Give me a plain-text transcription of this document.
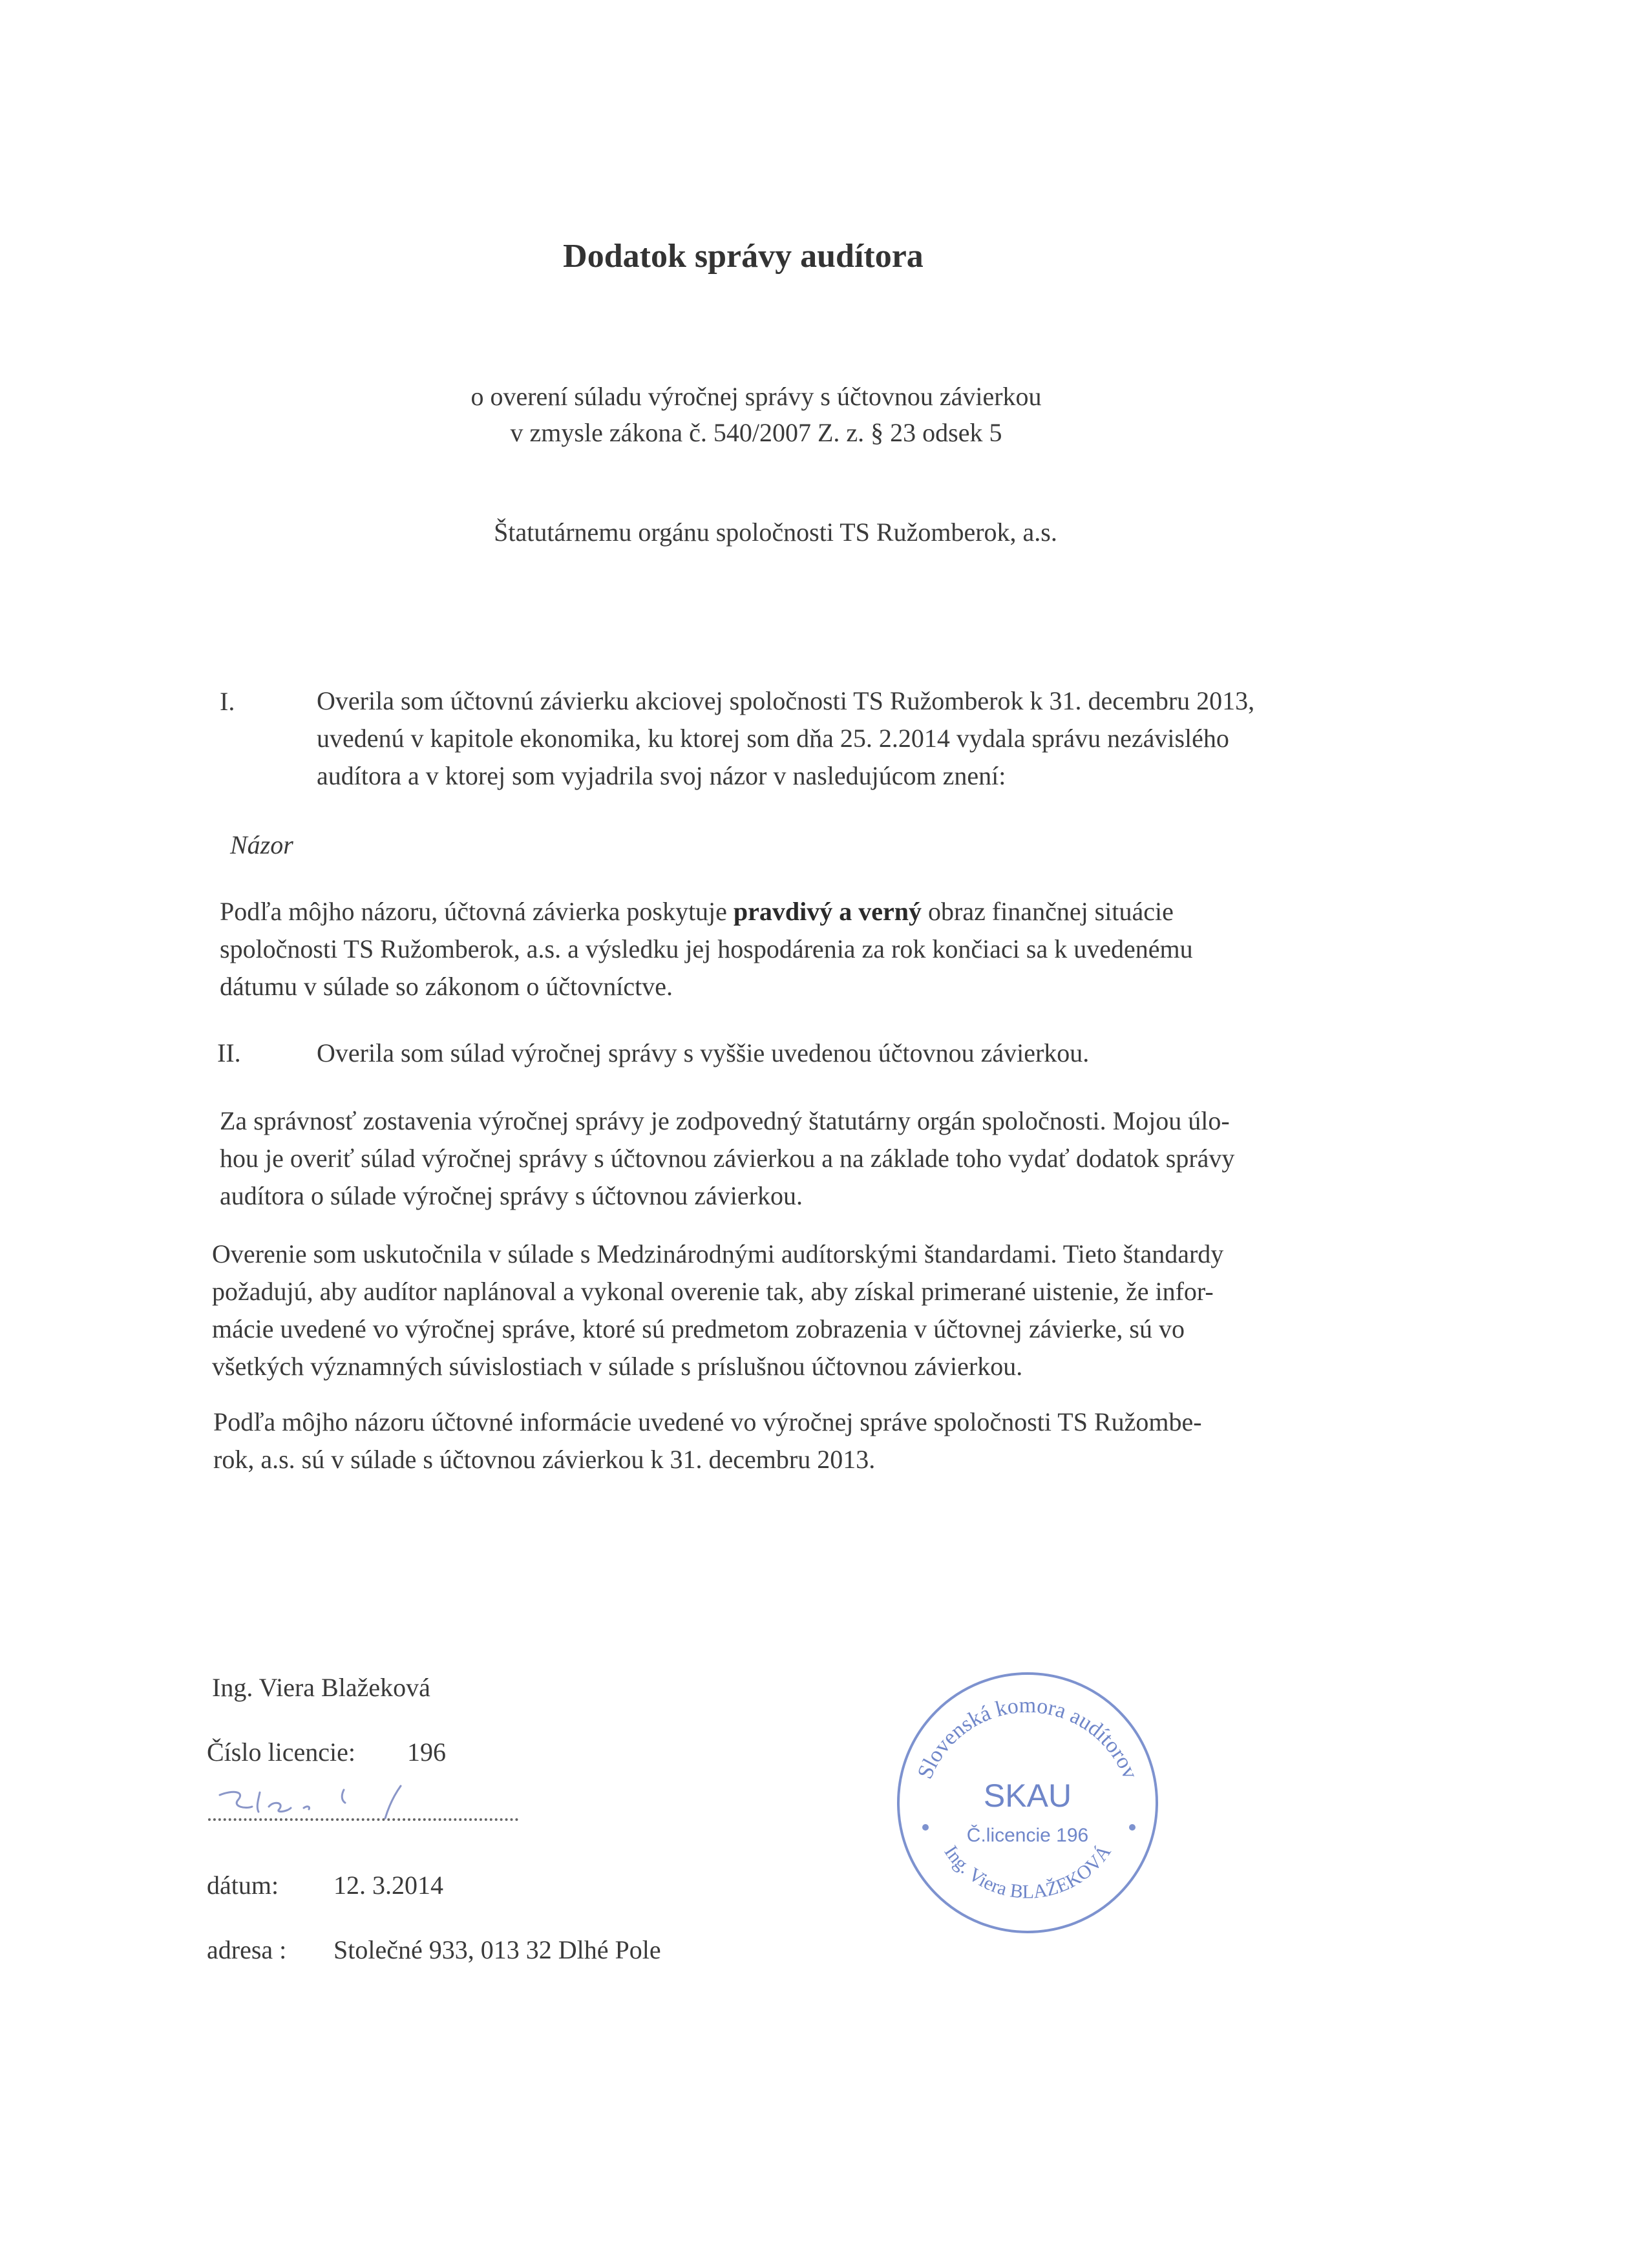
Dodatok správy audítora
o overení súladu výročnej správy s účtovnou závierkou
v zmysle zákona č. 540/2007 Z. z. § 23 odsek 5
Štatutárnemu orgánu spoločnosti TS Ružomberok, a.s.
I.	Overila som účtovnú závierku akciovej spoločnosti TS Ružomberok k 31. decembru 2013,
uvedenú v kapitole ekonomika, ku ktorej som dňa 25. 2.2014 vydala správu nezávislého
audítora a v ktorej som vyjadrila svoj názor v nasledujúcom znení:
Názor
Podľa môjho názoru, účtovná závierka poskytuje pravdivý a verný obraz finančnej situácie
spoločnosti TS Ružomberok, a.s. a výsledku jej hospodárenia za rok končiaci sa k uvedenému
dátumu v súlade so zákonom o účtovníctve.
II.	Overila som súlad výročnej správy s vyššie uvedenou účtovnou závierkou.
Za správnosť zostavenia výročnej správy je zodpovedný štatutárny orgán spoločnosti. Mojou úlo-
hou je overiť súlad výročnej správy s účtovnou závierkou a na základe toho vydať dodatok správy
audítora o súlade výročnej správy s účtovnou závierkou.
Overenie som uskutočnila v súlade s Medzinárodnými audítorskými štandardami. Tieto štandardy
požadujú, aby audítor naplánoval a vykonal overenie tak, aby získal primerané uistenie, že infor-
mácie uvedené vo výročnej správe, ktoré sú predmetom zobrazenia v účtovnej závierke, sú vo
všetkých významných súvislostiach v súlade s príslušnou účtovnou závierkou.
Podľa môjho názoru účtovné informácie uvedené vo výročnej správe spoločnosti TS Ružombe-
rok, a.s. sú v súlade s účtovnou závierkou k 31. decembru 2013.
Ing. Viera Blažeková
Číslo licencie: 196
dátum: 12. 3.2014
adresa : Stolečné 933, 013 32 Dlhé Pole
Slovenská komora audítorov
SKAU
Č.licencie 196
Ing. Viera BLAŽEKOVÁ
